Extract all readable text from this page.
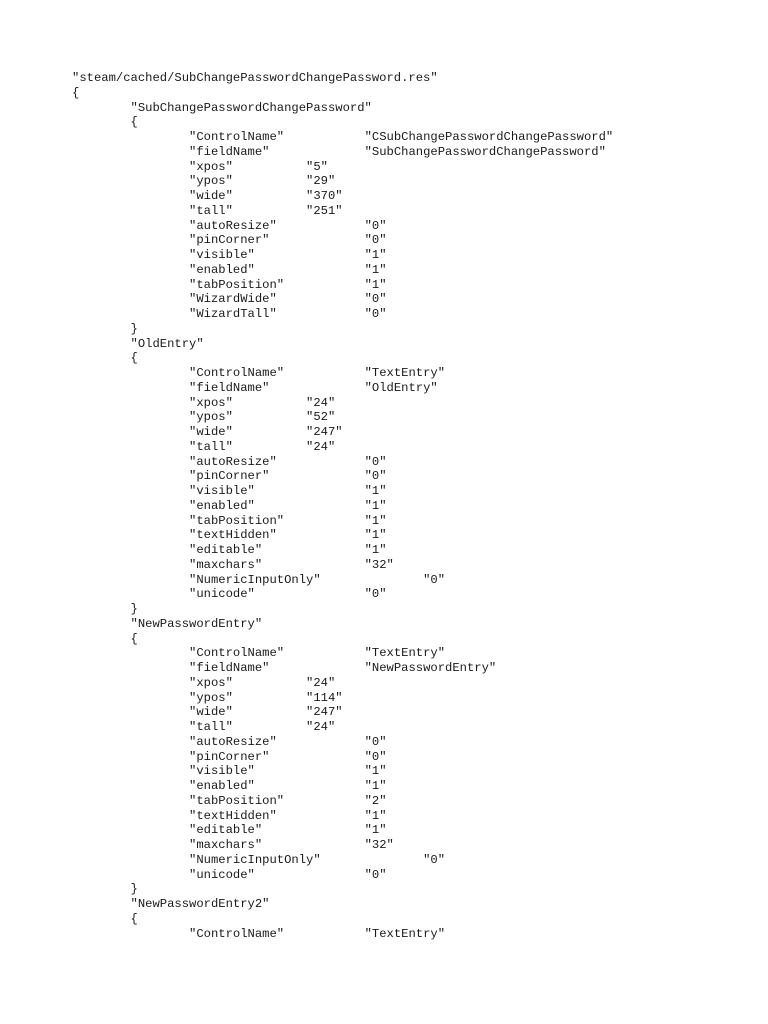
"steam/cached/SubChangePasswordChangePassword.res"
{
	"SubChangePasswordChangePassword"
	{
		"ControlName"		"CSubChangePasswordChangePassword"
		"fieldName"		"SubChangePasswordChangePassword"
		"xpos"		"5"
		"ypos"		"29"
		"wide"		"370"
		"tall"		"251"
		"autoResize"		"0"
		"pinCorner"		"0"
		"visible"		"1"
		"enabled"		"1"
		"tabPosition"		"1"
		"WizardWide"		"0"
		"WizardTall"		"0"
	}
	"OldEntry"
	{
		"ControlName"		"TextEntry"
		"fieldName"		"OldEntry"
		"xpos"		"24"
		"ypos"		"52"
		"wide"		"247"
		"tall"		"24"
		"autoResize"		"0"
		"pinCorner"		"0"
		"visible"		"1"
		"enabled"		"1"
		"tabPosition"		"1"
		"textHidden"		"1"
		"editable"		"1"
		"maxchars"		"32"
		"NumericInputOnly"		"0"
		"unicode"		"0"
	}
	"NewPasswordEntry"
	{
		"ControlName"		"TextEntry"
		"fieldName"		"NewPasswordEntry"
		"xpos"		"24"
		"ypos"		"114"
		"wide"		"247"
		"tall"		"24"
		"autoResize"		"0"
		"pinCorner"		"0"
		"visible"		"1"
		"enabled"		"1"
		"tabPosition"		"2"
		"textHidden"		"1"
		"editable"		"1"
		"maxchars"		"32"
		"NumericInputOnly"		"0"
		"unicode"		"0"
	}
	"NewPasswordEntry2"
	{
		"ControlName"		"TextEntry"
